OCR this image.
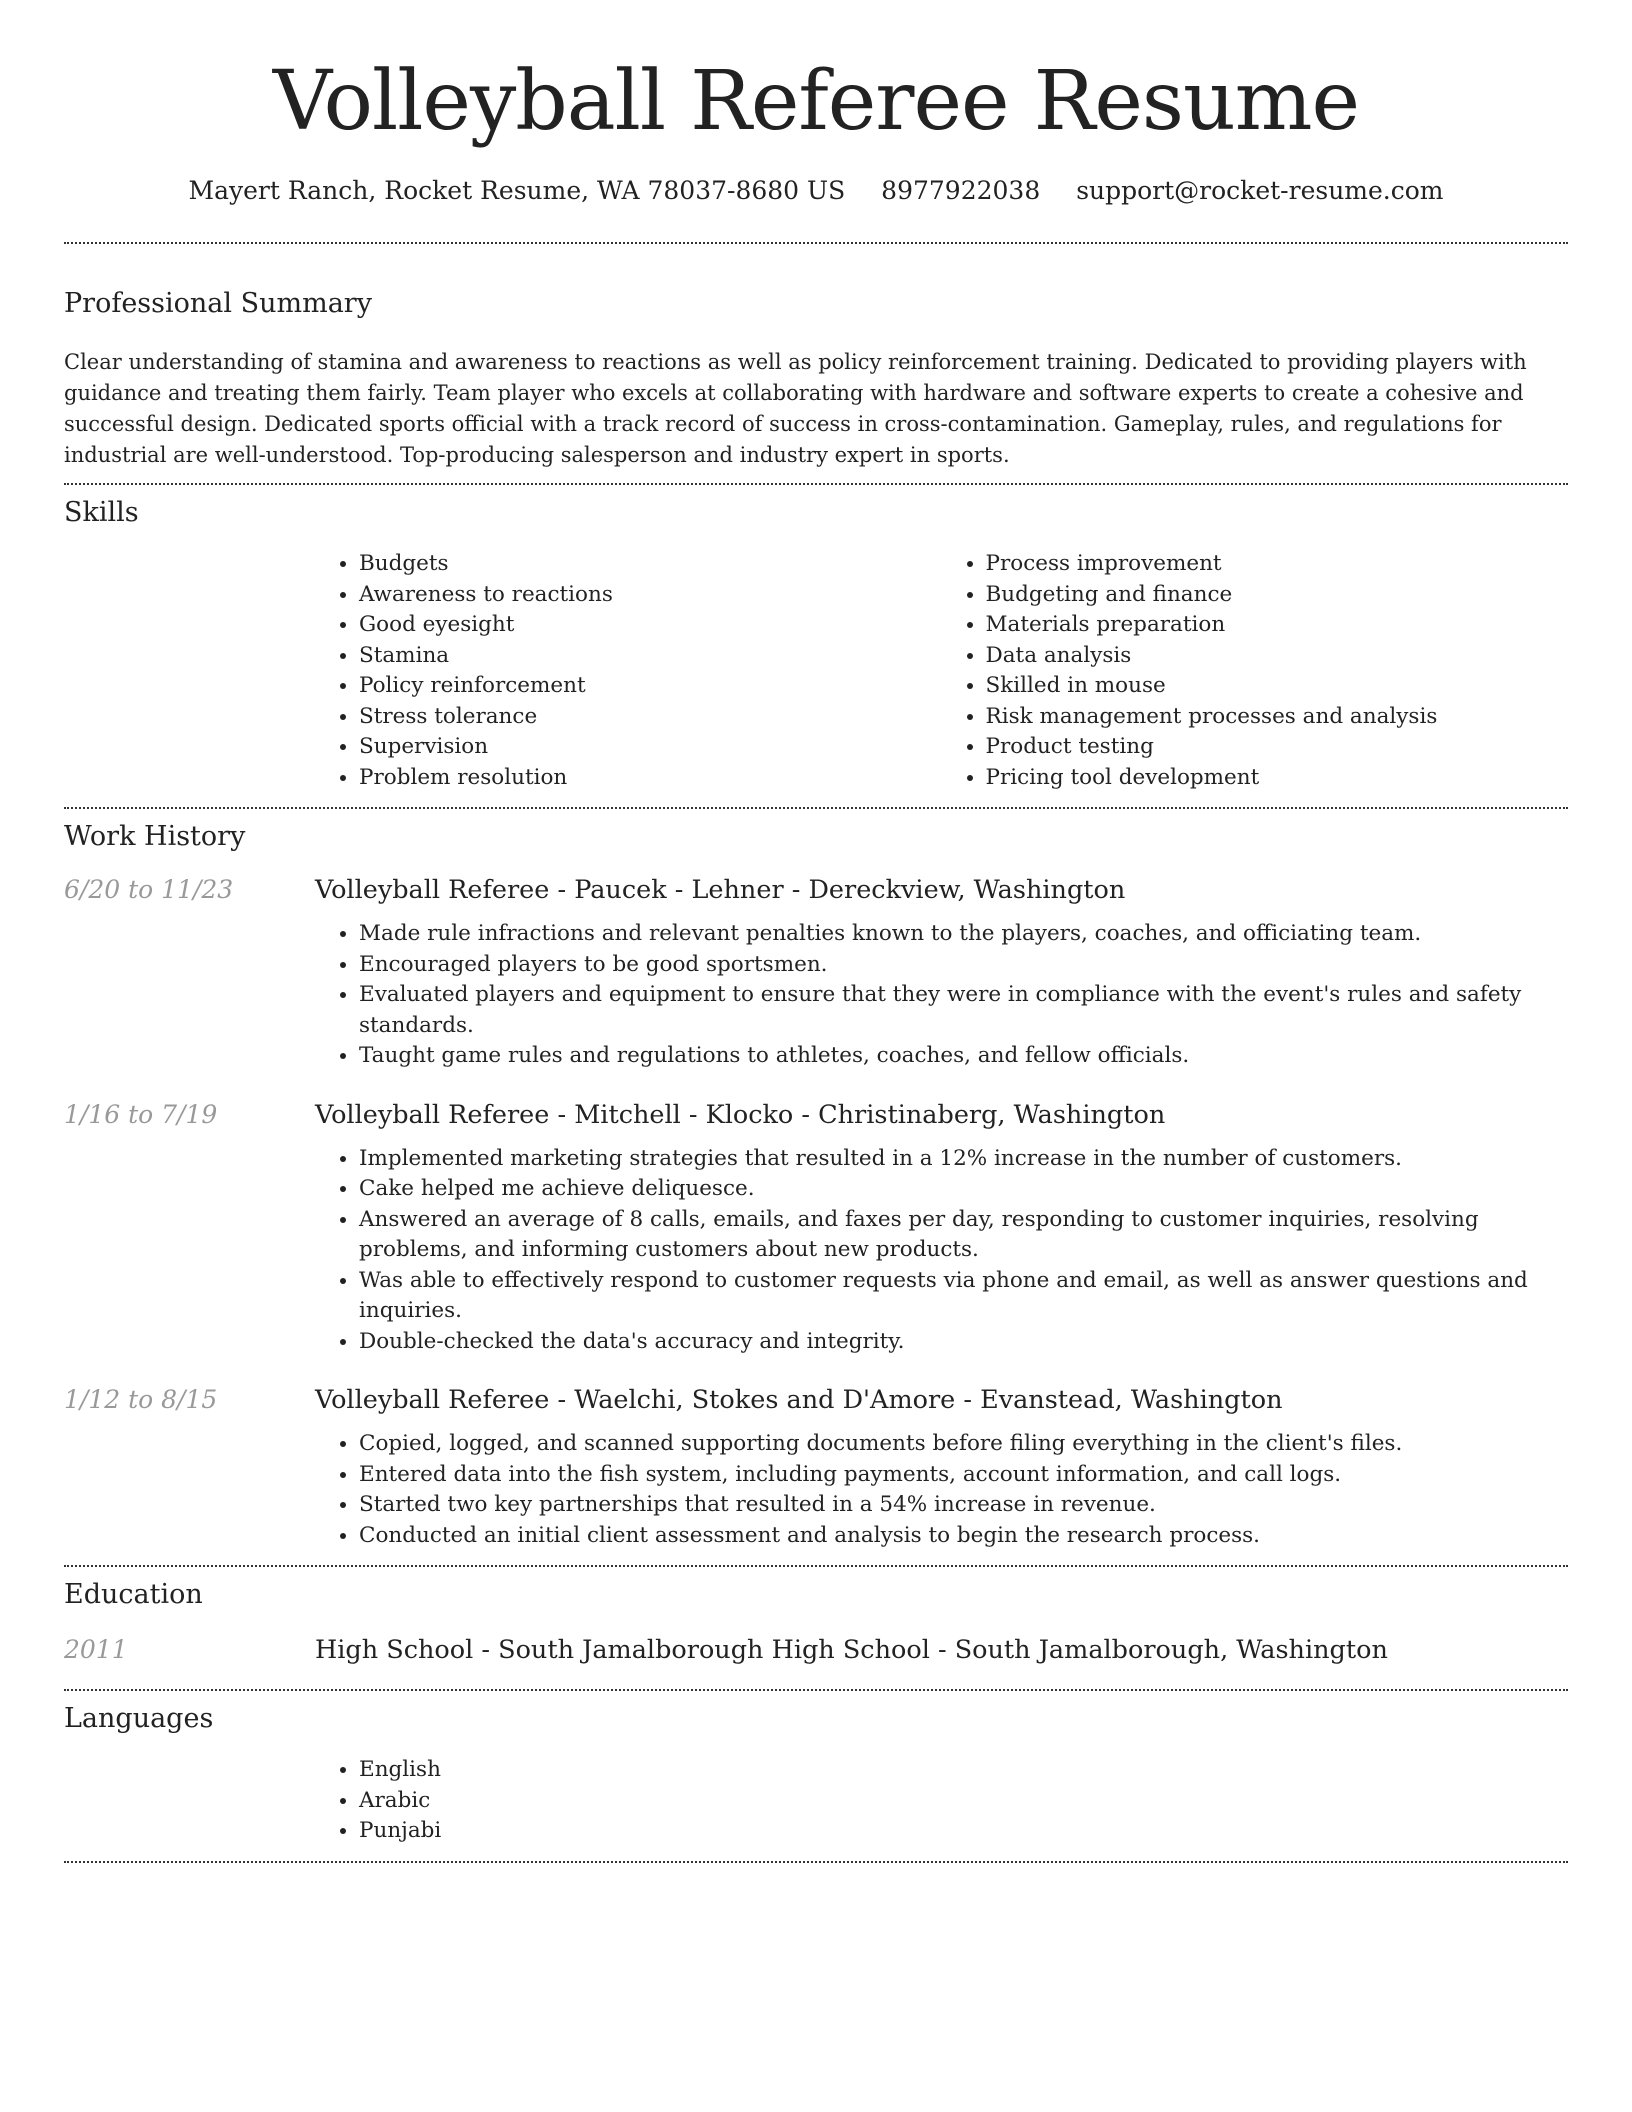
Volleyball Referee Resume
Mayert Ranch, Rocket Resume, WA 78037-8680 US 8977922038 support@rocket-resume.com
Professional Summary

Clear understanding of stamina and awareness to reactions as well as policy reinforcement training. Dedicated to providing players with guidance and treating them fairly. Team player who excels at collaborating with hardware and software experts to create a cohesive and successful design. Dedicated sports official with a track record of success in cross-contamination. Gameplay, rules, and regulations for industrial are well-understood. Top-producing salesperson and industry expert in sports.

Skills
• Budgets
• Awareness to reactions
• Good eyesight
• Stamina
• Policy reinforcement
• Stress tolerance
• Supervision
• Problem resolution
• Process improvement
• Budgeting and finance
• Materials preparation
• Data analysis
• Skilled in mouse
• Risk management processes and analysis
• Product testing
• Pricing tool development
Work History
6/20 to 11/23	Volleyball Referee - Paucek - Lehner - Dereckview, Washington
• Made rule infractions and relevant penalties known to the players, coaches, and officiating team.
• Encouraged players to be good sportsmen.
• Evaluated players and equipment to ensure that they were in compliance with the event's rules and safety standards.
• Taught game rules and regulations to athletes, coaches, and fellow officials.
1/16 to 7/19	Volleyball Referee - Mitchell - Klocko - Christinaberg, Washington
• Implemented marketing strategies that resulted in a 12% increase in the number of customers.
• Cake helped me achieve deliquesce.
• Answered an average of 8 calls, emails, and faxes per day, responding to customer inquiries, resolving problems, and informing customers about new products.
• Was able to effectively respond to customer requests via phone and email, as well as answer questions and inquiries.
• Double-checked the data's accuracy and integrity.
1/12 to 8/15	Volleyball Referee - Waelchi, Stokes and D'Amore - Evanstead, Washington
• Copied, logged, and scanned supporting documents before filing everything in the client's files.
• Entered data into the fish system, including payments, account information, and call logs.
• Started two key partnerships that resulted in a 54% increase in revenue.
• Conducted an initial client assessment and analysis to begin the research process.
Education
2011	High School - South Jamalborough High School - South Jamalborough, Washington
Languages
• English
• Arabic
• Punjabi
